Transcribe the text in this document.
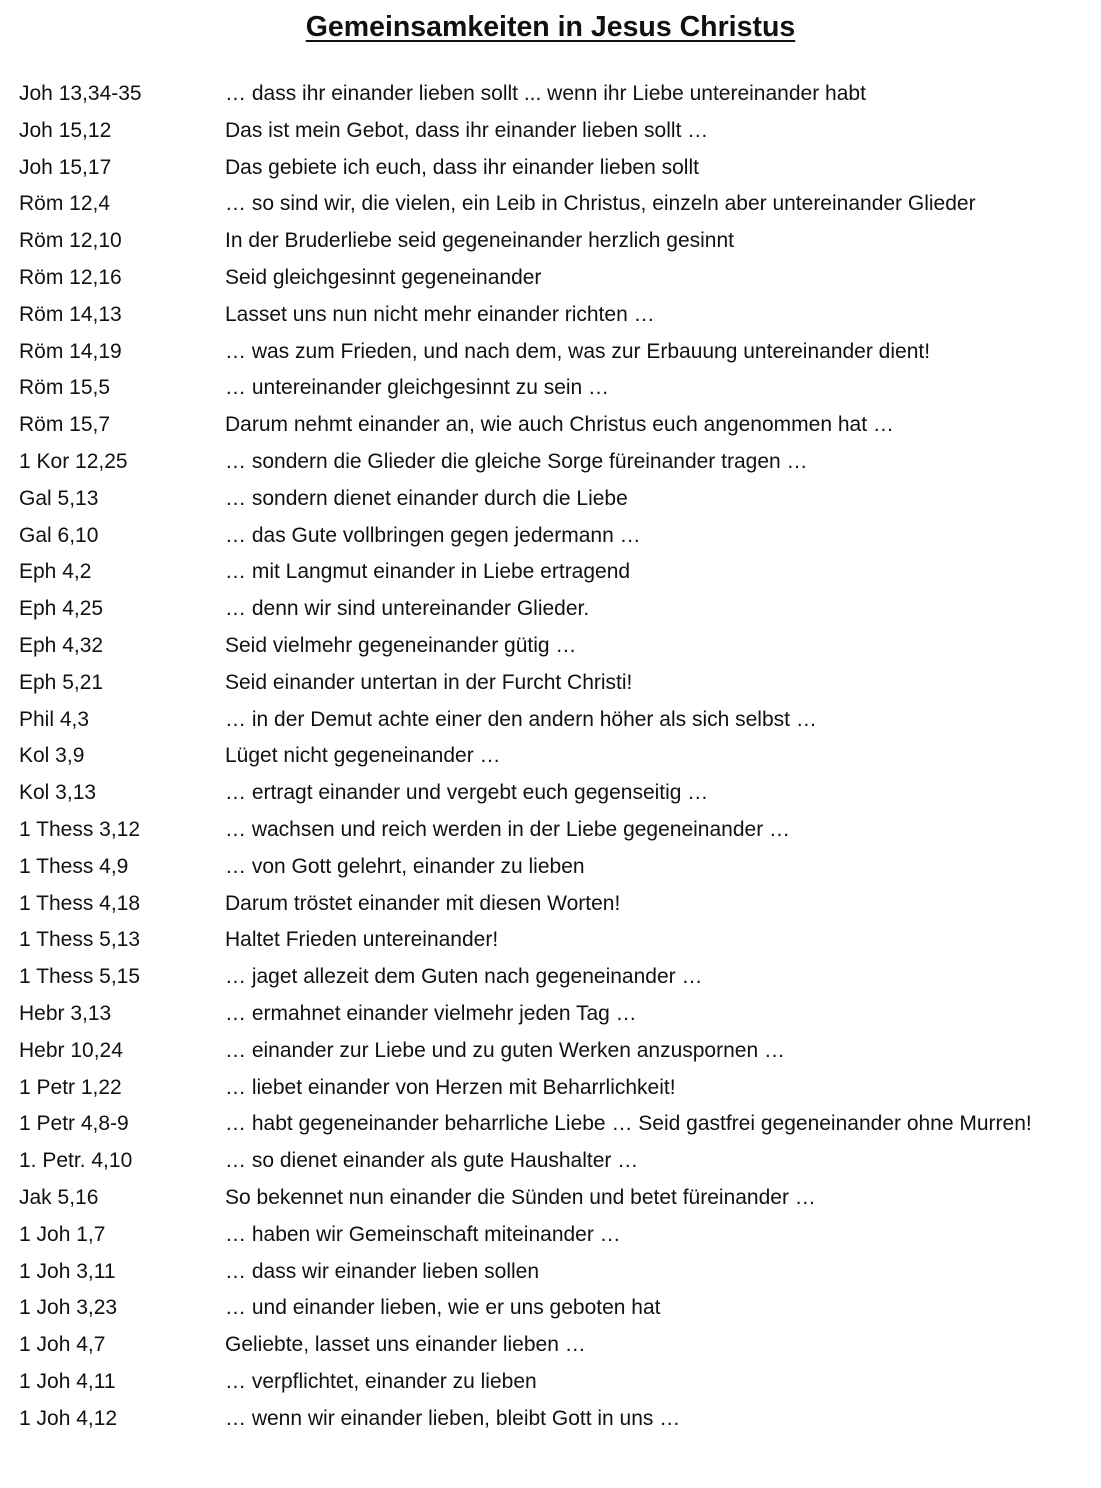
Gemeinsamkeiten in Jesus Christus
Joh 13,34-35	… dass ihr einander lieben sollt ... wenn ihr Liebe untereinander habt
Joh 15,12	Das ist mein Gebot, dass ihr einander lieben sollt …
Joh 15,17	Das gebiete ich euch, dass ihr einander lieben sollt
Röm 12,4	… so sind wir, die vielen, ein Leib in Christus, einzeln aber untereinander Glieder
Röm 12,10	In der Bruderliebe seid gegeneinander herzlich gesinnt
Röm 12,16	Seid gleichgesinnt gegeneinander
Röm 14,13	Lasset uns nun nicht mehr einander richten …
Röm 14,19	… was zum Frieden, und nach dem, was zur Erbauung untereinander dient!
Röm 15,5	… untereinander gleichgesinnt zu sein …
Röm 15,7	Darum nehmt einander an, wie auch Christus euch angenommen hat …
1 Kor 12,25	… sondern die Glieder die gleiche Sorge füreinander tragen …
Gal 5,13	… sondern dienet einander durch die Liebe
Gal 6,10	… das Gute vollbringen gegen jedermann …
Eph 4,2	… mit Langmut einander in Liebe ertragend
Eph 4,25	… denn wir sind untereinander Glieder.
Eph 4,32	Seid vielmehr gegeneinander gütig …
Eph 5,21	Seid einander untertan in der Furcht Christi!
Phil 4,3	… in der Demut achte einer den andern höher als sich selbst …
Kol 3,9	Lüget nicht gegeneinander …
Kol 3,13	… ertragt einander und vergebt euch gegenseitig …
1 Thess 3,12	… wachsen und reich werden in der Liebe gegeneinander …
1 Thess 4,9	… von Gott gelehrt, einander zu lieben
1 Thess 4,18	Darum tröstet einander mit diesen Worten!
1 Thess 5,13	Haltet Frieden untereinander!
1 Thess 5,15	… jaget allezeit dem Guten nach gegeneinander …
Hebr 3,13	… ermahnet einander vielmehr jeden Tag …
Hebr 10,24	… einander zur Liebe und zu guten Werken anzuspornen …
1 Petr 1,22	… liebet einander von Herzen mit Beharrlichkeit!
1 Petr 4,8-9	… habt gegeneinander beharrliche Liebe … Seid gastfrei gegeneinander ohne Murren!
1. Petr. 4,10	… so dienet einander als gute Haushalter …
Jak 5,16	So bekennet nun einander die Sünden und betet füreinander …
1 Joh 1,7	… haben wir Gemeinschaft miteinander …
1 Joh 3,11	… dass wir einander lieben sollen
1 Joh 3,23	… und einander lieben, wie er uns geboten hat
1 Joh 4,7	Geliebte, lasset uns einander lieben …
1 Joh 4,11	… verpflichtet, einander zu lieben
1 Joh 4,12	… wenn wir einander lieben, bleibt Gott in uns …
